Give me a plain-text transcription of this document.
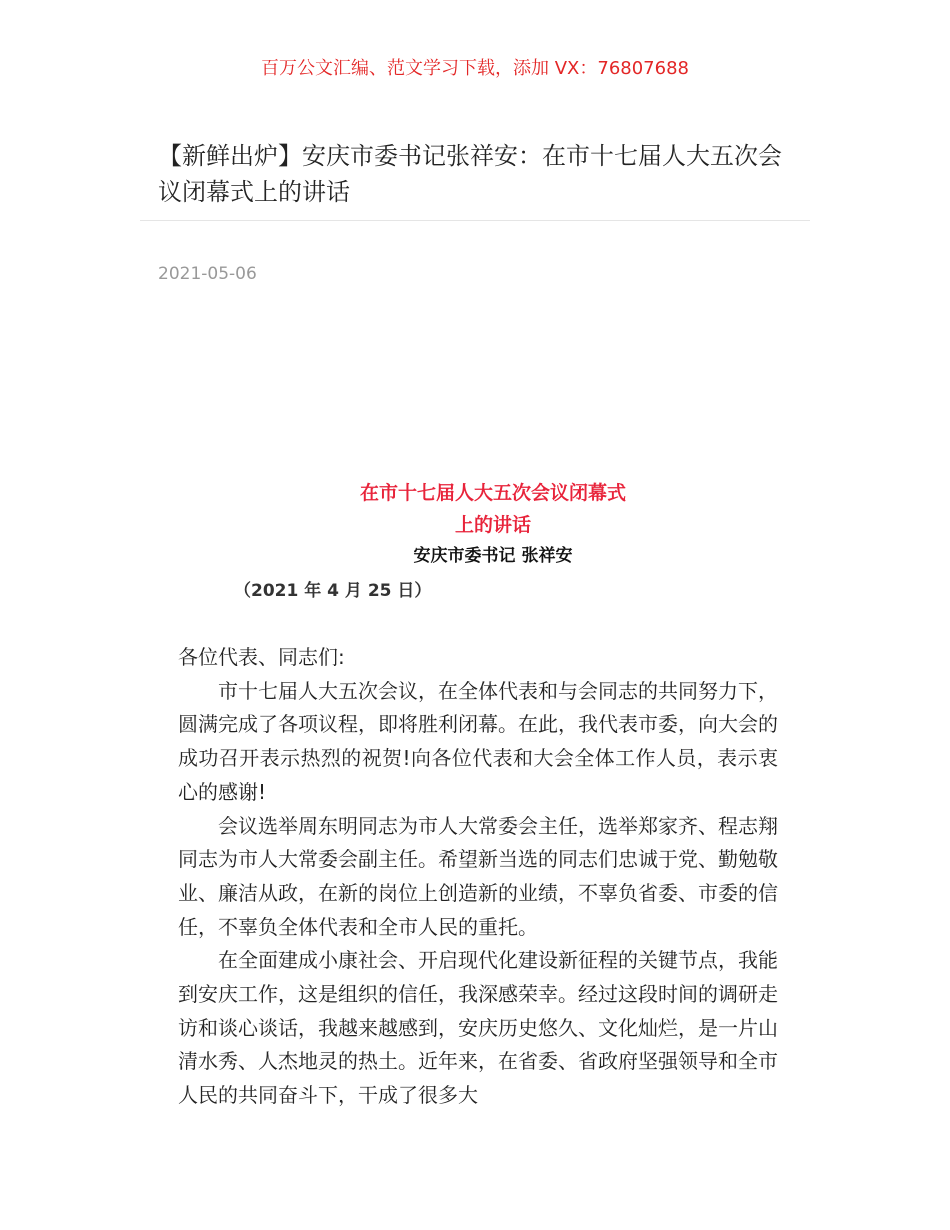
百万公文汇编、范文学习下载，添加 VX：76807688
【新鲜出炉】安庆市委书记张祥安：在市十七届人大五次会议闭幕式上的讲话
2021-05-06
在市十七届人大五次会议闭幕式
上的讲话
安庆市委书记 张祥安
（2021 年 4 月 25 日）

各位代表、同志们:

市十七届人大五次会议，在全体代表和与会同志的共同努力下，圆满完成了各项议程，即将胜利闭幕。在此，我代表市委，向大会的成功召开表示热烈的祝贺!向各位代表和大会全体工作人员，表示衷心的感谢!

会议选举周东明同志为市人大常委会主任，选举郑家齐、程志翔同志为市人大常委会副主任。希望新当选的同志们忠诚于党、勤勉敬业、廉洁从政，在新的岗位上创造新的业绩，不辜负省委、市委的信任，不辜负全体代表和全市人民的重托。

在全面建成小康社会、开启现代化建设新征程的关键节点，我能到安庆工作，这是组织的信任，我深感荣幸。经过这段时间的调研走访和谈心谈话，我越来越感到，安庆历史悠久、文化灿烂，是一片山清水秀、人杰地灵的热土。近年来，在省委、省政府坚强领导和全市人民的共同奋斗下，干成了很多大
